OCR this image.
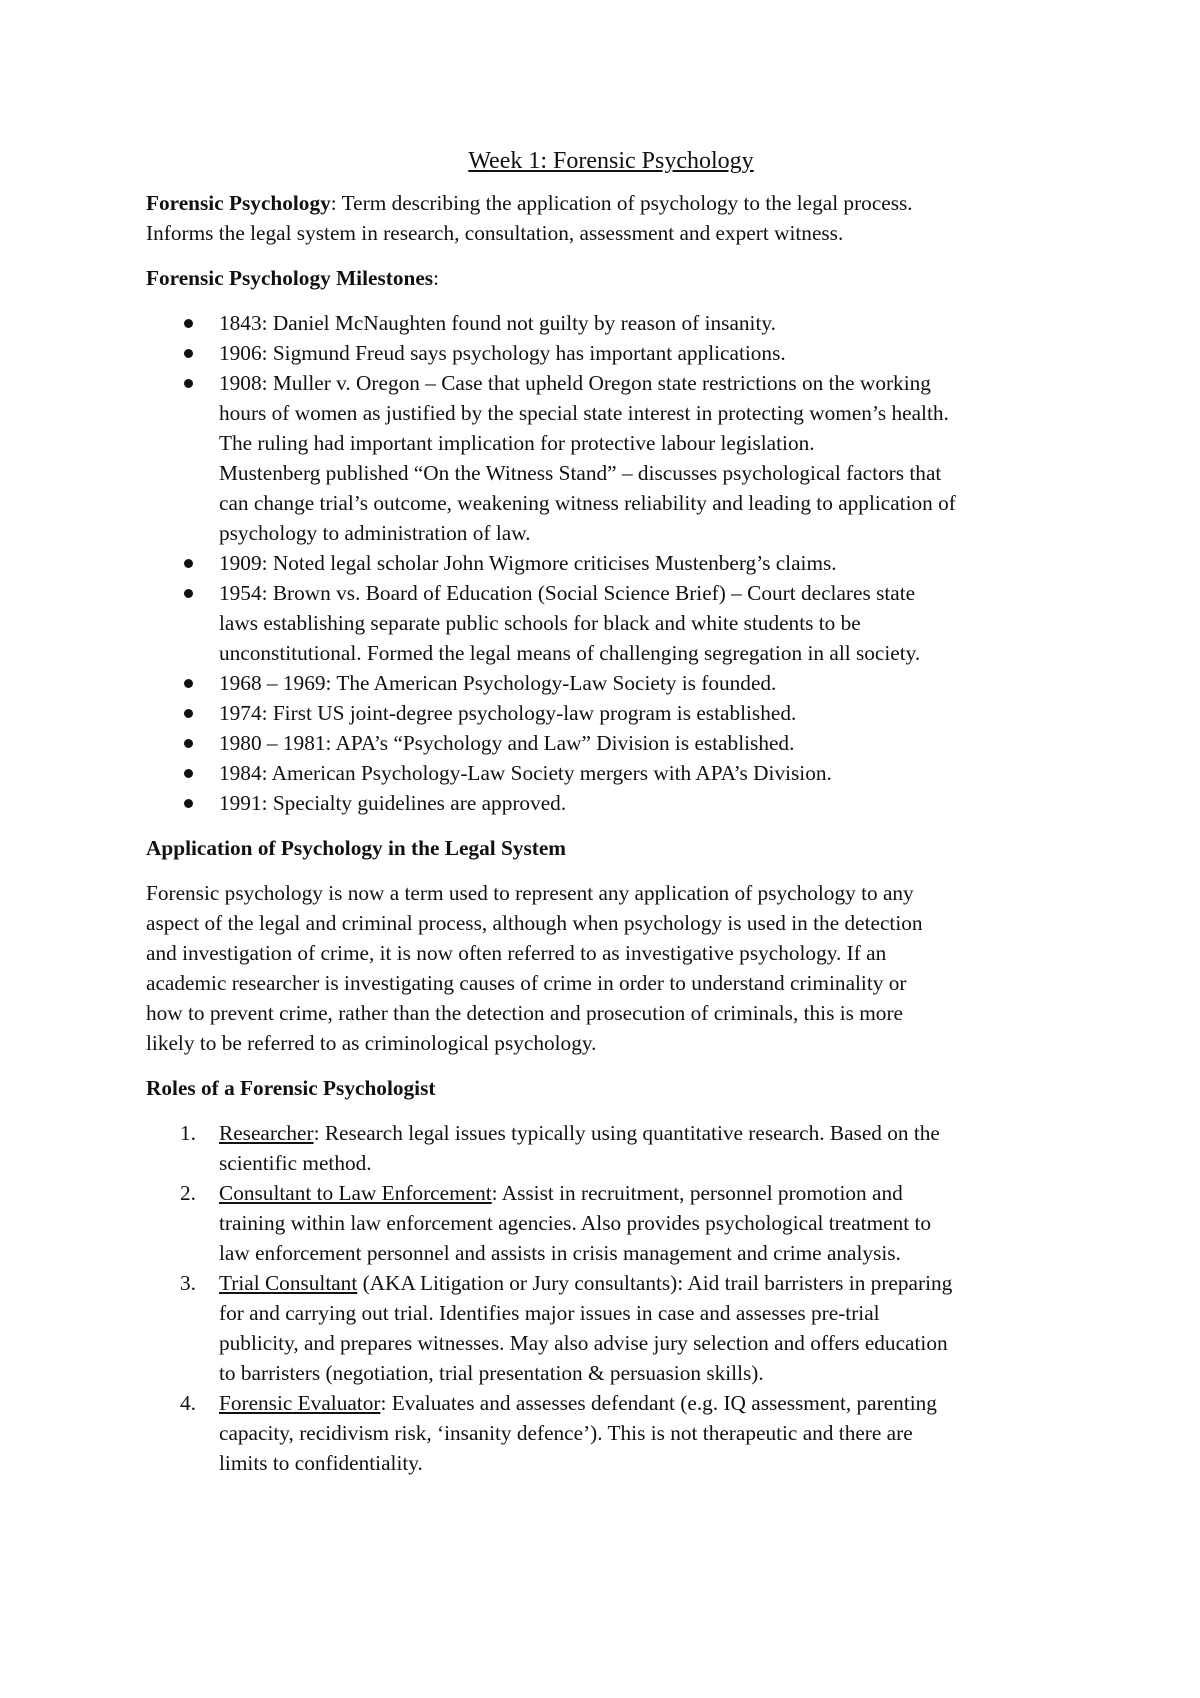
Week 1: Forensic Psychology

Forensic Psychology: Term describing the application of psychology to the legal process.
Informs the legal system in research, consultation, assessment and expert witness.

Forensic Psychology Milestones:

1843: Daniel McNaughten found not guilty by reason of insanity.
1906: Sigmund Freud says psychology has important applications.
1908: Muller v. Oregon – Case that upheld Oregon state restrictions on the working
hours of women as justified by the special state interest in protecting women’s health.
The ruling had important implication for protective labour legislation.
Mustenberg published “On the Witness Stand” – discusses psychological factors that
can change trial’s outcome, weakening witness reliability and leading to application of
psychology to administration of law.
1909: Noted legal scholar John Wigmore criticises Mustenberg’s claims.
1954: Brown vs. Board of Education (Social Science Brief) – Court declares state
laws establishing separate public schools for black and white students to be
unconstitutional. Formed the legal means of challenging segregation in all society.
1968 – 1969: The American Psychology-Law Society is founded.
1974: First US joint-degree psychology-law program is established.
1980 – 1981: APA’s “Psychology and Law” Division is established.
1984: American Psychology-Law Society mergers with APA’s Division.
1991: Specialty guidelines are approved.

Application of Psychology in the Legal System

Forensic psychology is now a term used to represent any application of psychology to any
aspect of the legal and criminal process, although when psychology is used in the detection
and investigation of crime, it is now often referred to as investigative psychology. If an
academic researcher is investigating causes of crime in order to understand criminality or
how to prevent crime, rather than the detection and prosecution of criminals, this is more
likely to be referred to as criminological psychology.

Roles of a Forensic Psychologist

1. Researcher: Research legal issues typically using quantitative research. Based on the
scientific method.
2. Consultant to Law Enforcement: Assist in recruitment, personnel promotion and
training within law enforcement agencies. Also provides psychological treatment to
law enforcement personnel and assists in crisis management and crime analysis.
3. Trial Consultant (AKA Litigation or Jury consultants): Aid trail barristers in preparing
for and carrying out trial. Identifies major issues in case and assesses pre-trial
publicity, and prepares witnesses. May also advise jury selection and offers education
to barristers (negotiation, trial presentation & persuasion skills).
4. Forensic Evaluator: Evaluates and assesses defendant (e.g. IQ assessment, parenting
capacity, recidivism risk, ‘insanity defence’). This is not therapeutic and there are
limits to confidentiality.
